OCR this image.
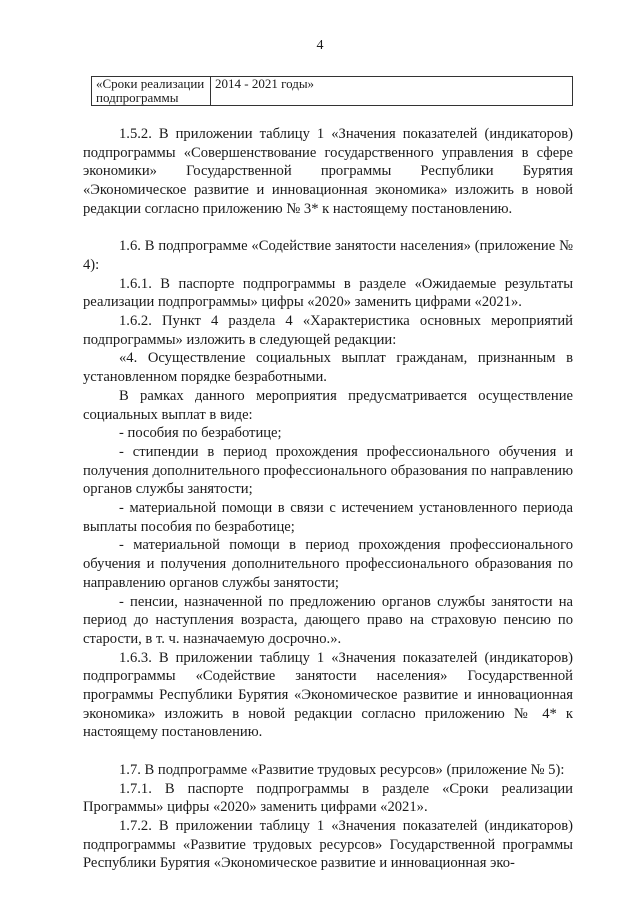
4
«Сроки реализации
подпрограммы	2014 - 2021 годы»

1.5.2. В приложении таблицу 1 «Значения показателей (индикаторов) подпрограммы «Совершенствование государственного управления в сфере экономики» Государственной программы Республики Бурятия «Экономическое развитие и инновационная экономика» изложить в новой редакции согласно приложению № 3* к настоящему постановлению.

1.6. В подпрограмме «Содействие занятости населения» (приложение № 4):

1.6.1. В паспорте подпрограммы в разделе «Ожидаемые результаты реализации подпрограммы» цифры «2020» заменить цифрами «2021».

1.6.2. Пункт 4 раздела 4 «Характеристика основных мероприятий подпрограммы» изложить в следующей редакции:

«4. Осуществление социальных выплат гражданам, признанным в установленном порядке безработными.

В рамках данного мероприятия предусматривается осуществление социальных выплат в виде:

- пособия по безработице;

- стипендии в период прохождения профессионального обучения и получения дополнительного профессионального образования по направлению органов службы занятости;

- материальной помощи в связи с истечением установленного периода выплаты пособия по безработице;

- материальной помощи в период прохождения профессионального обучения и получения дополнительного профессионального образования по направлению органов службы занятости;

- пенсии, назначенной по предложению органов службы занятости на период до наступления возраста, дающего право на страховую пенсию по старости, в т. ч. назначаемую досрочно.».

1.6.3. В приложении таблицу 1 «Значения показателей (индикаторов) подпрограммы «Содействие занятости населения» Государственной программы Республики Бурятия «Экономическое развитие и инновационная экономика» изложить в новой редакции согласно приложению № 4* к настоящему постановлению.

1.7. В подпрограмме «Развитие трудовых ресурсов» (приложение № 5):

1.7.1. В паспорте подпрограммы в разделе «Сроки реализации Программы» цифры «2020» заменить цифрами «2021».

1.7.2. В приложении таблицу 1 «Значения показателей (индикаторов) подпрограммы «Развитие трудовых ресурсов» Государственной программы Республики Бурятия «Экономическое развитие и инновационная эко-
